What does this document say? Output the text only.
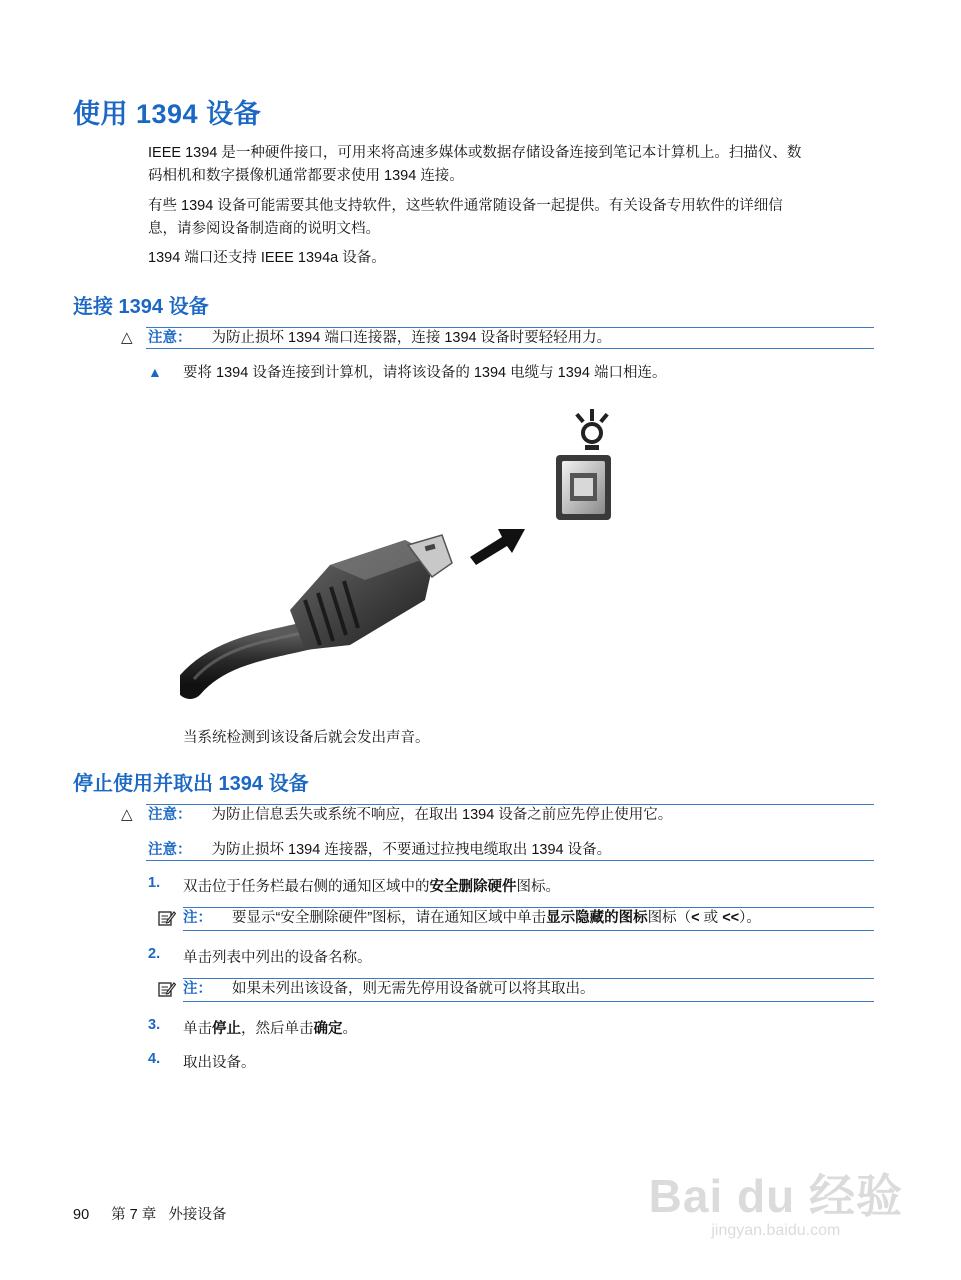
使用 1394 设备
IEEE 1394 是一种硬件接口，可用来将高速多媒体或数据存储设备连接到笔记本计算机上。扫描仪、数
码相机和数字摄像机通常都要求使用 1394 连接。
有些 1394 设备可能需要其他支持软件，这些软件通常随设备一起提供。有关设备专用软件的详细信
息，请参阅设备制造商的说明文档。
1394 端口还支持 IEEE 1394a 设备。
连接 1394 设备
△ 注意： 为防止损坏 1394 端口连接器，连接 1394 设备时要轻轻用力。
▲ 要将 1394 设备连接到计算机，请将该设备的 1394 电缆与 1394 端口相连。
当系统检测到该设备后就会发出声音。
停止使用并取出 1394 设备
△ 注意： 为防止信息丢失或系统不响应，在取出 1394 设备之前应先停止使用它。
注意： 为防止损坏 1394 连接器，不要通过拉拽电缆取出 1394 设备。
1. 双击位于任务栏最右侧的通知区域中的安全删除硬件图标。
注： 要显示“安全删除硬件”图标，请在通知区域中单击显示隐藏的图标图标（< 或 <<）。
2. 单击列表中列出的设备名称。
注： 如果未列出该设备，则无需先停用设备就可以将其取出。
3. 单击停止，然后单击确定。
4. 取出设备。
90 第 7 章   外接设备	Bai du 经验
jingyan.baidu.com
